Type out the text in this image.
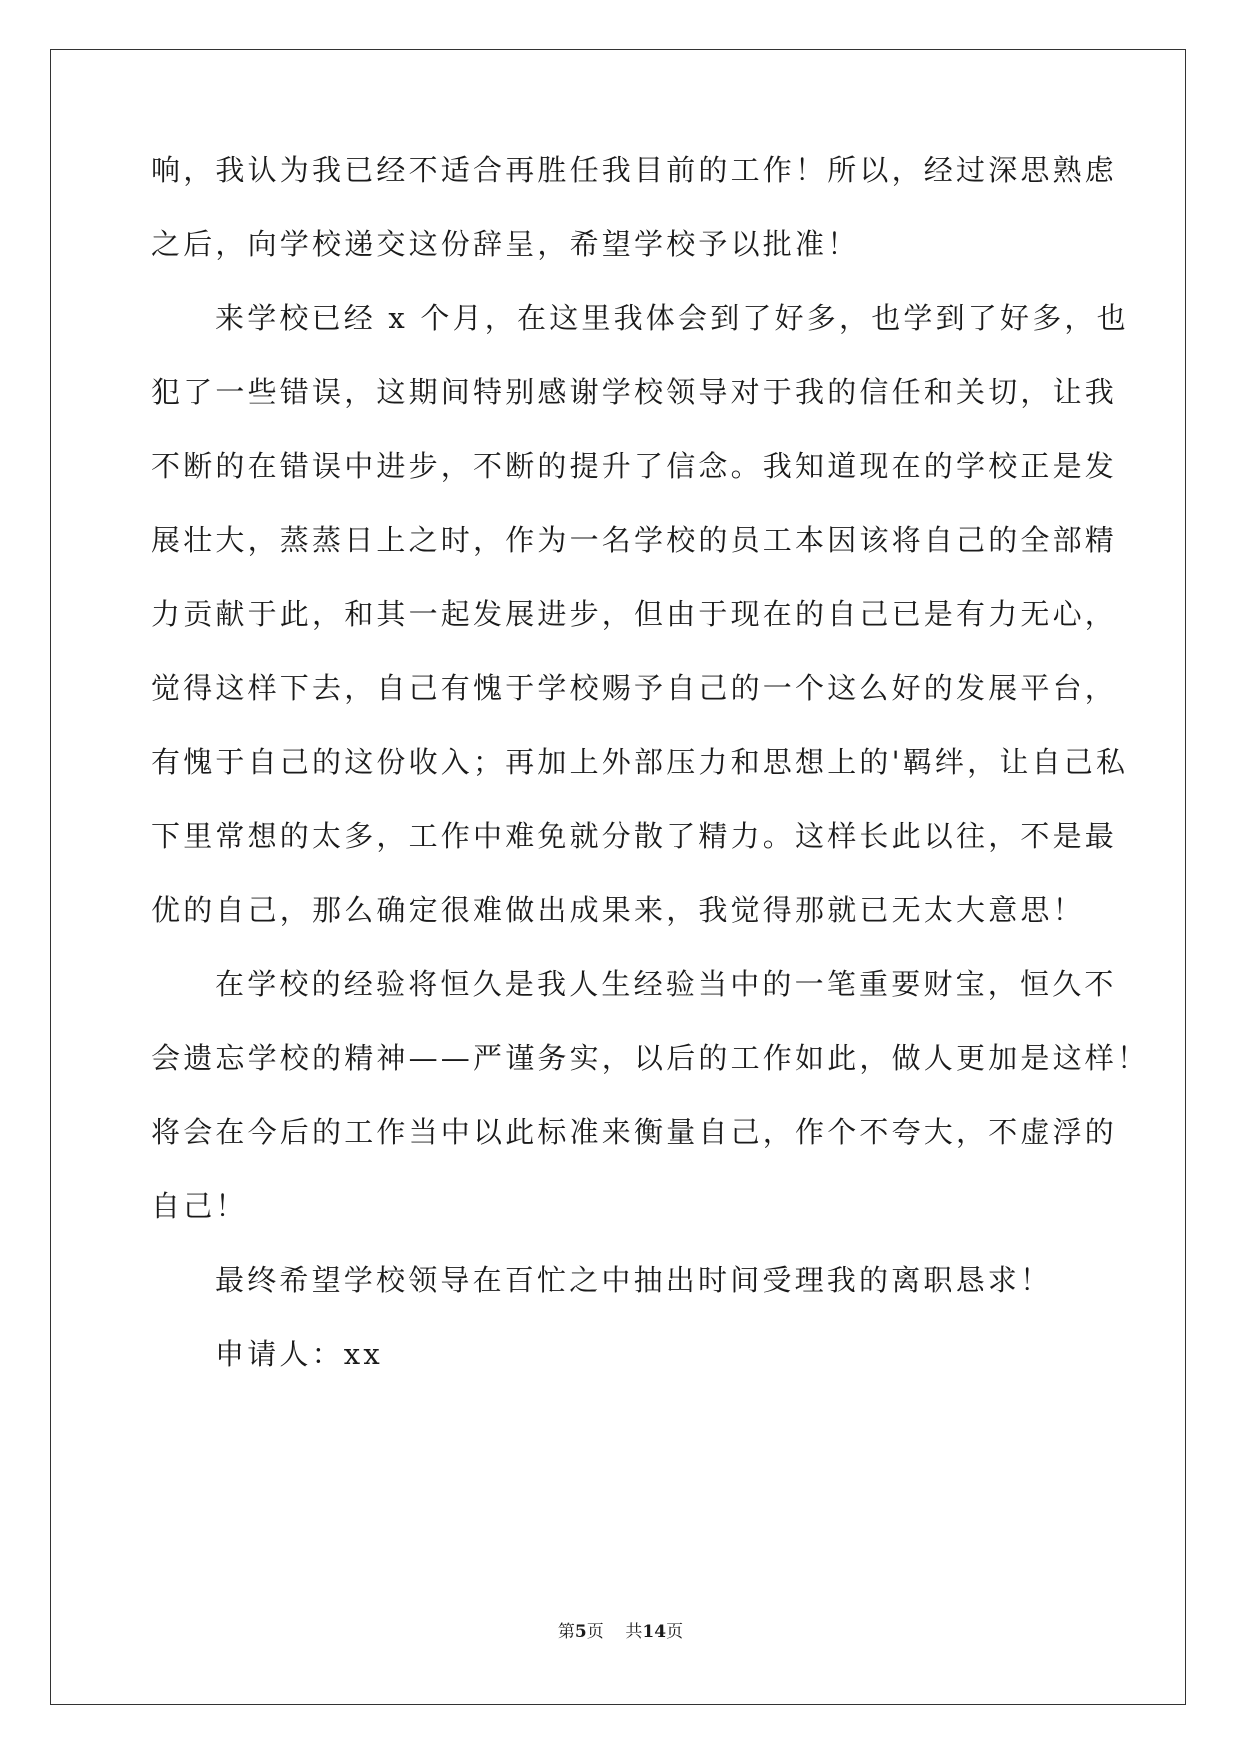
响，我认为我已经不适合再胜任我目前的工作！所以，经过深思熟虑
之后，向学校递交这份辞呈，希望学校予以批准！
来学校已经 x 个月，在这里我体会到了好多，也学到了好多，也
犯了一些错误，这期间特别感谢学校领导对于我的信任和关切，让我
不断的在错误中进步，不断的提升了信念。我知道现在的学校正是发
展壮大，蒸蒸日上之时，作为一名学校的员工本因该将自己的全部精
力贡献于此，和其一起发展进步，但由于现在的自己已是有力无心，
觉得这样下去，自己有愧于学校赐予自己的一个这么好的发展平台，
有愧于自己的这份收入；再加上外部压力和思想上的'羁绊，让自己私
下里常想的太多，工作中难免就分散了精力。这样长此以往，不是最
优的自己，那么确定很难做出成果来，我觉得那就已无太大意思！
在学校的经验将恒久是我人生经验当中的一笔重要财宝，恒久不
会遗忘学校的精神——严谨务实，以后的工作如此，做人更加是这样！
将会在今后的工作当中以此标准来衡量自己，作个不夸大，不虚浮的
自己！
最终希望学校领导在百忙之中抽出时间受理我的离职恳求！
申请人：xx
第5页 共14页
